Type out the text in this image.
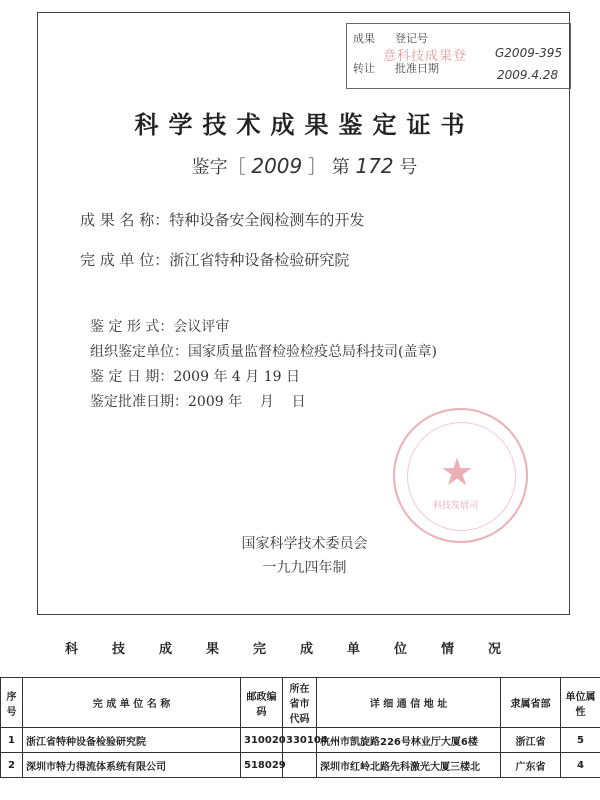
成果 登记号
转让 批准日期
意科技成果登 G2009-395
2009.4.28
科学技术成果鉴定证书
鉴字［ 2009 ］ 第 172 号
成 果 名 称：特种设备安全阀检测车的开发
完 成 单 位：浙江省特种设备检验研究院
鉴 定 形 式：会议评审
组织鉴定单位：国家质量监督检验检疫总局科技司(盖章)
鉴 定 日 期：2009 年 4 月 19 日
鉴定批准日期：2009 年    月    日
★
科技发展司
国家科学技术委员会
一九九四年制
科技成果完成单位情况
序号	完 成 单 位 名 称	邮政编码	所在省市代码	详 细 通 信 地 址	隶属省部	单位属性
1	浙江省特种设备检验研究院	310020	330104	杭州市凯旋路226号林业厅大厦6楼	浙江省	5
2	深圳市特力得流体系统有限公司	518029		深圳市红岭北路先科激光大厦三楼北	广东省	4
